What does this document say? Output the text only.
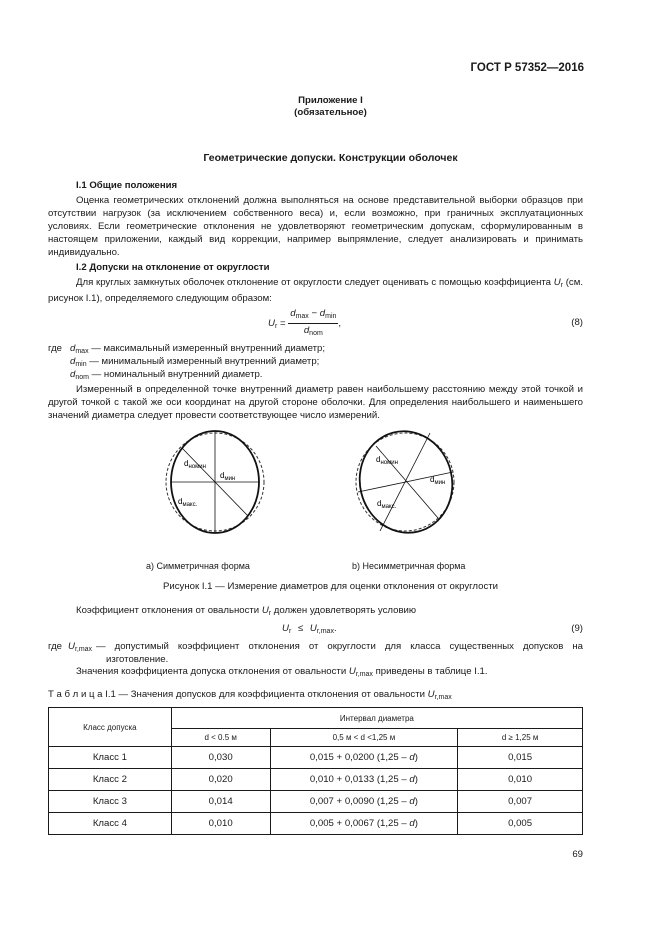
ГОСТ Р 57352—2016
Приложение I
(обязательное)
Геометрические допуски. Конструкции оболочек
I.1 Общие положения
Оценка геометрических отклонений должна выполняться на основе представительной выборки образцов при отсутствии нагрузок (за исключением собственного веса) и, если возможно, при граничных эксплуатационных условиях. Если геометрические отклонения не удовлетворяют геометрическим допускам, сформулированным в настоящем приложении, каждый вид коррекции, например выпрямление, следует анализировать и принимать индивидуально.
I.2 Допуски на отклонение от округлости
Для круглых замкнутых оболочек отклонение от округлости следует оценивать с помощью коэффициента $U_r$ (см. рисунок I.1), определяемого следующим образом:
$U_r = \frac{d_{max} - d_{min}}{d_{nom}}$ ,	(8)
где $d_{max}$ — максимальный измеренный внутренний диаметр;
$d_{min}$ — минимальный измеренный внутренний диаметр;
$d_{nom}$ — номинальный внутренний диаметр.
Измеренный в определенной точке внутренний диаметр равен наибольшему расстоянию между этой точкой и другой точкой с такой же оси координат на другой стороне оболочки. Для определения наибольшего и наименьшего значений диаметра следует провести соответствующее число измерений.
$d_{номин}$
$d_{мин}$
$d_{макс.}$
$d_{номин}$
$d_{мин}$
$d_{макс.}$
а) Симметричная форма	b) Несимметричная форма
Рисунок I.1 — Измерение диаметров для оценки отклонения от округлости
Коэффициент отклонения от овальности $U_r$ должен удовлетворять условию
$U_r \le U_{r,max}$.	(9)
где $U_{r,max}$ — допустимый коэффициент отклонения от округлости для класса существенных допусков на изготовление.
Значения коэффициента допуска отклонения от овальности $U_{r,max}$ приведены в таблице I.1.
Т а б л и ц а I.1 — Значения допусков для коэффициента отклонения от овальности $U_{r,max}$
Класс допуска	Интервал диаметра		
	d < 0.5 м	0,5 м < d <1,25 м	d ≥ 1,25 м
Класс 1	0,030	0,015 + 0,0200 (1,25 – d)	0,015
Класс 2	0,020	0,010 + 0,0133 (1,25 – d)	0,010
Класс 3	0,014	0,007 + 0,0090 (1,25 – d)	0,007
Класс 4	0,010	0,005 + 0,0067 (1,25 – d)	0,005
69
